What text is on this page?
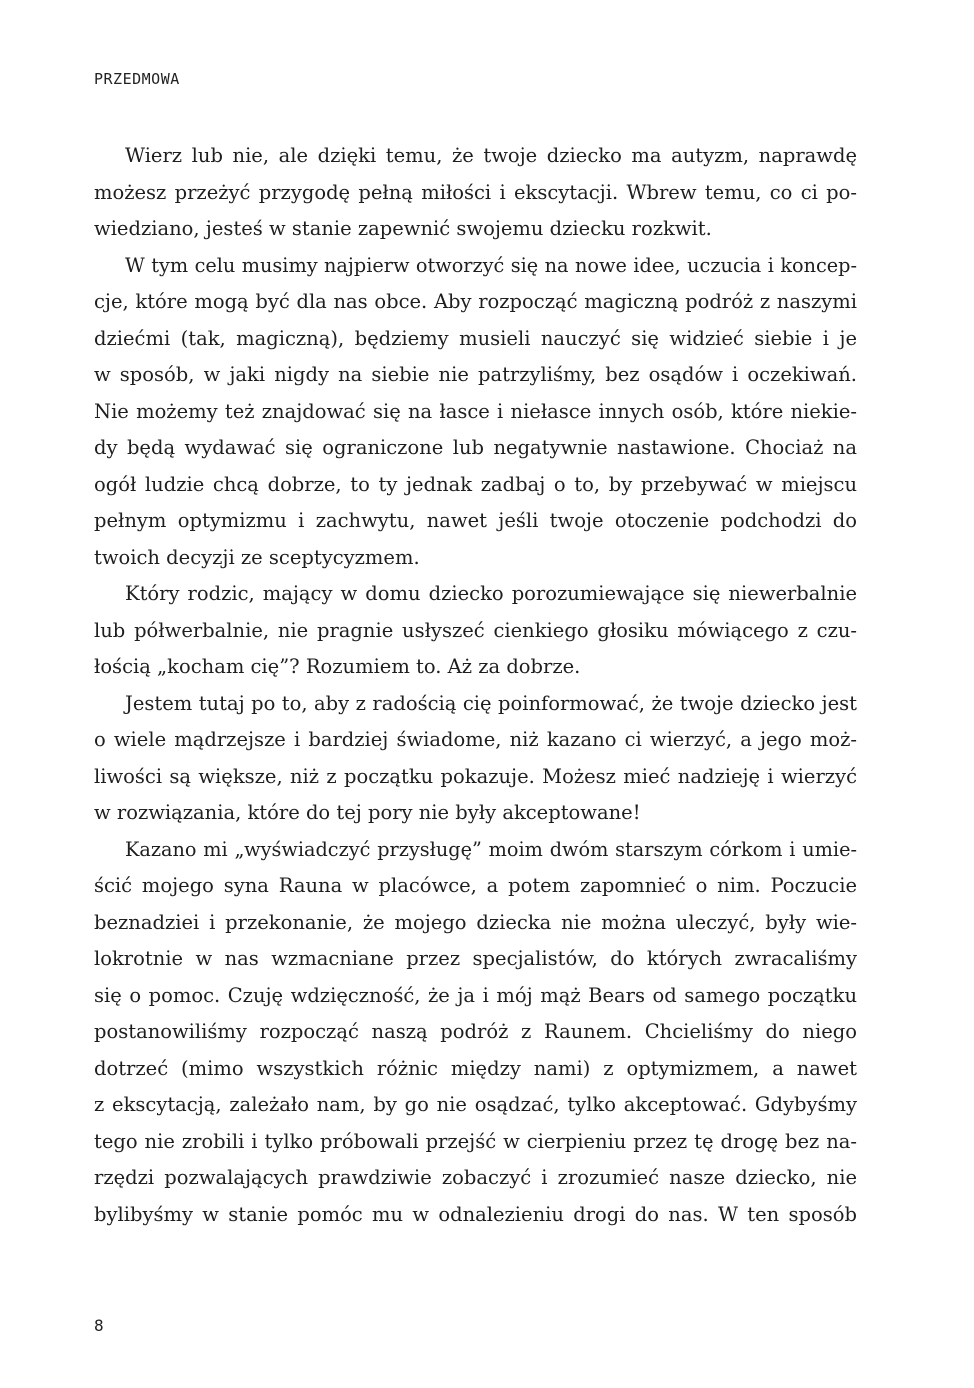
PRZEDMOWA

Wierz lub nie, ale dzięki temu, że twoje dziecko ma autyzm, naprawdę
możesz przeżyć przygodę pełną miłości i ekscytacji. Wbrew temu, co ci po-
wiedziano, jesteś w stanie zapewnić swojemu dziecku rozkwit.

W tym celu musimy najpierw otworzyć się na nowe idee, uczucia i koncep-
cje, które mogą być dla nas obce. Aby rozpocząć magiczną podróż z naszymi
dziećmi (tak, magiczną), będziemy musieli nauczyć się widzieć siebie i je
w sposób, w jaki nigdy na siebie nie patrzyliśmy, bez osądów i oczekiwań.
Nie możemy też znajdować się na łasce i niełasce innych osób, które niekie-
dy będą wydawać się ograniczone lub negatywnie nastawione. Chociaż na
ogół ludzie chcą dobrze, to ty jednak zadbaj o to, by przebywać w miejscu
pełnym optymizmu i zachwytu, nawet jeśli twoje otoczenie podchodzi do
twoich decyzji ze sceptycyzmem.

Który rodzic, mający w domu dziecko porozumiewające się niewerbalnie
lub półwerbalnie, nie pragnie usłyszeć cienkiego głosiku mówiącego z czu-
łością „kocham cię”? Rozumiem to. Aż za dobrze.

Jestem tutaj po to, aby z radością cię poinformować, że twoje dziecko jest
o wiele mądrzejsze i bardziej świadome, niż kazano ci wierzyć, a jego moż-
liwości są większe, niż z początku pokazuje. Możesz mieć nadzieję i wierzyć
w rozwiązania, które do tej pory nie były akceptowane!

Kazano mi „wyświadczyć przysługę” moim dwóm starszym córkom i umie-
ścić mojego syna Rauna w placówce, a potem zapomnieć o nim. Poczucie
beznadziei i przekonanie, że mojego dziecka nie można uleczyć, były wie-
lokrotnie w nas wzmacniane przez specjalistów, do których zwracaliśmy
się o pomoc. Czuję wdzięczność, że ja i mój mąż Bears od samego początku
postanowiliśmy rozpocząć naszą podróż z Raunem. Chcieliśmy do niego
dotrzeć (mimo wszystkich różnic między nami) z optymizmem, a nawet
z ekscytacją, zależało nam, by go nie osądzać, tylko akceptować. Gdybyśmy
tego nie zrobili i tylko próbowali przejść w cierpieniu przez tę drogę bez na-
rzędzi pozwalających prawdziwie zobaczyć i zrozumieć nasze dziecko, nie
bylibyśmy w stanie pomóc mu w odnalezieniu drogi do nas. W ten sposób

8
